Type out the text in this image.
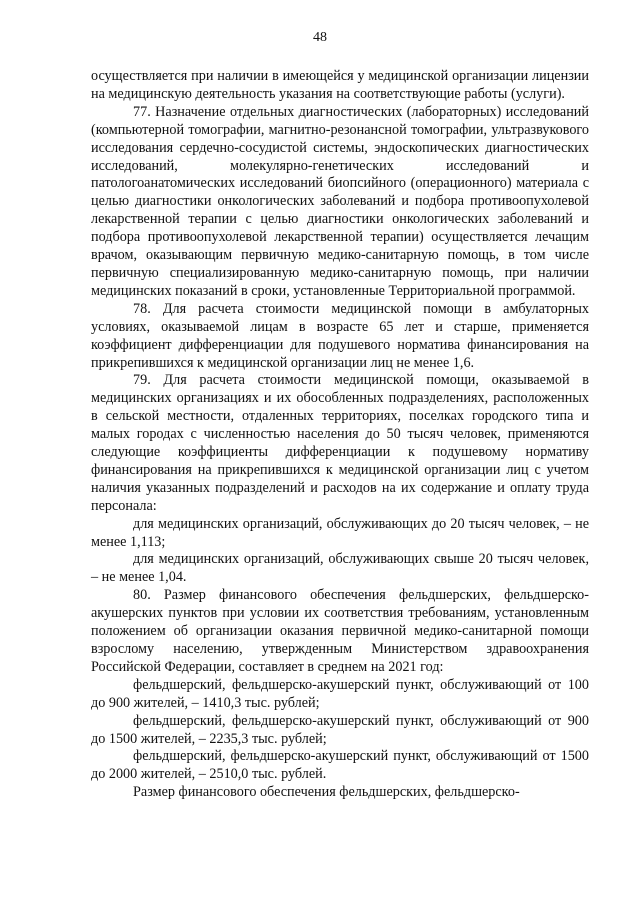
48

осуществляется при наличии в имеющейся у медицинской организации лицензии на медицинскую деятельность указания на соответствующие работы (услуги).

77. Назначение отдельных диагностических (лабораторных) исследований (компьютерной томографии, магнитно-резонансной томографии, ультразвукового исследования сердечно-сосудистой системы, эндоскопических диагностических исследований, молекулярно-генетических исследований и патологоанатомических исследований биопсийного (операционного) материала с целью диагностики онкологических заболеваний и подбора противоопухолевой лекарственной терапии с целью диагностики онкологических заболеваний и подбора противоопухолевой лекарственной терапии) осуществляется лечащим врачом, оказывающим первичную медико-санитарную помощь, в том числе первичную специализированную медико-санитарную помощь, при наличии медицинских показаний в сроки, установленные Территориальной программой.

78. Для расчета стоимости медицинской помощи в амбулаторных условиях, оказываемой лицам в возрасте 65 лет и старше, применяется коэффициент дифференциации для подушевого норматива финансирования на прикрепившихся к медицинской организации лиц не менее 1,6.

79. Для расчета стоимости медицинской помощи, оказываемой в медицинских организациях и их обособленных подразделениях, расположенных в сельской местности, отдаленных территориях, поселках городского типа и малых городах с численностью населения до 50 тысяч человек, применяются следующие коэффициенты дифференциации к подушевому нормативу финансирования на прикрепившихся к медицинской организации лиц с учетом наличия указанных подразделений и расходов на их содержание и оплату труда персонала:

для медицинских организаций, обслуживающих до 20 тысяч человек, – не менее 1,113;

для медицинских организаций, обслуживающих свыше 20 тысяч человек, – не менее 1,04.

80. Размер финансового обеспечения фельдшерских, фельдшерско-акушерских пунктов при условии их соответствия требованиям, установленным положением об организации оказания первичной медико-санитарной помощи взрослому населению, утвержденным Министерством здравоохранения Российской Федерации, составляет в среднем на 2021 год:

фельдшерский, фельдшерско-акушерский пункт, обслуживающий от 100 до 900 жителей, – 1410,3 тыс. рублей;

фельдшерский, фельдшерско-акушерский пункт, обслуживающий от 900 до 1500 жителей, – 2235,3 тыс. рублей;

фельдшерский, фельдшерско-акушерский пункт, обслуживающий от 1500 до 2000 жителей, – 2510,0 тыс. рублей.

Размер финансового обеспечения фельдшерских, фельдшерско-
